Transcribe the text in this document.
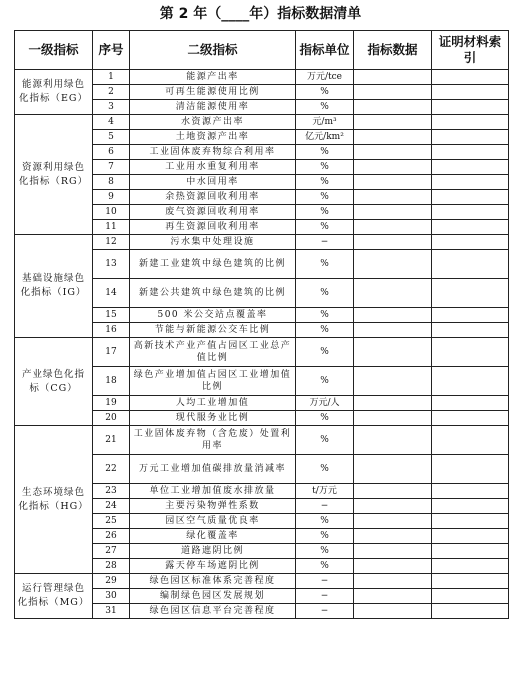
第 2 年（____年）指标数据清单
一级指标	序号	二级指标	指标单位	指标数据	证明材料索引
能源利用绿色化指标（EG）	1	能源产出率	万元/tce		
	2	可再生能源使用比例	%		
	3	清洁能源使用率	%		
资源利用绿色化指标（RG）	4	水资源产出率	元/m³		
	5	土地资源产出率	亿元/km²		
	6	工业固体废弃物综合利用率	%		
	7	工业用水重复利用率	%		
	8	中水回用率	%		
	9	余热资源回收利用率	%		
	10	废气资源回收利用率	%		
	11	再生资源回收利用率	%		
基础设施绿色化指标（IG）	12	污水集中处理设施	−		
	13	新建工业建筑中绿色建筑的比例	%		
	14	新建公共建筑中绿色建筑的比例	%		
	15	500 米公交站点覆盖率	%		
	16	节能与新能源公交车比例	%		
产业绿色化指标（CG）	17	高新技术产业产值占园区工业总产值比例	%		
	18	绿色产业增加值占园区工业增加值比例	%		
	19	人均工业增加值	万元/人		
	20	现代服务业比例	%		
生态环境绿色化指标（HG）	21	工业固体废弃物（含危废）处置利用率	%		
	22	万元工业增加值碳排放量消减率	%		
	23	单位工业增加值废水排放量	t/万元		
	24	主要污染物弹性系数	−		
	25	园区空气质量优良率	%		
	26	绿化覆盖率	%		
	27	道路遮阴比例	%		
	28	露天停车场遮阴比例	%		
运行管理绿色化指标（MG）	29	绿色园区标准体系完善程度	−		
	30	编制绿色园区发展规划	−		
	31	绿色园区信息平台完善程度	−		
